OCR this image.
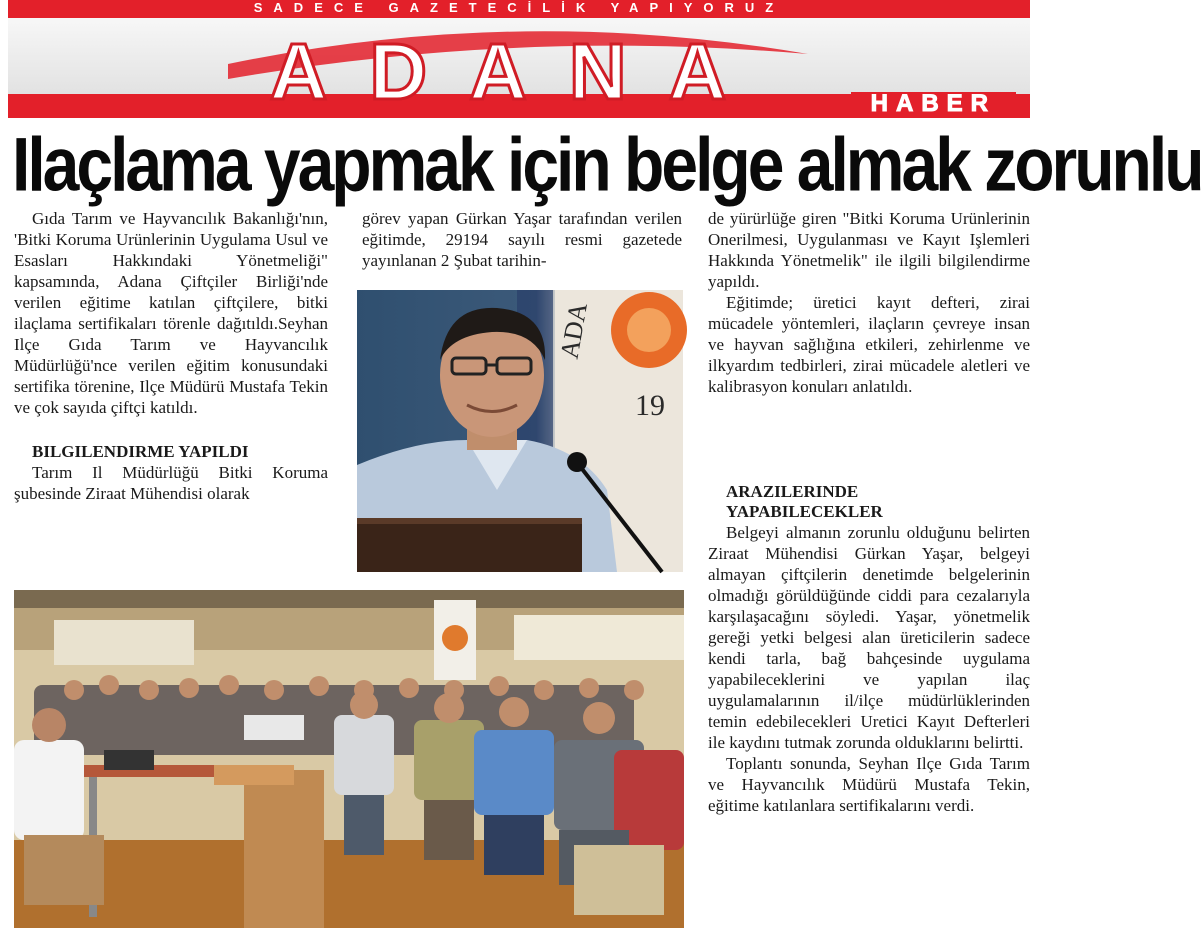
SADECE GAZETECİLİK YAPIYORUZ
ADANA	HABER
Ilaçlama yapmak için belge almak zorunlu

Gıda Tarım ve Hayvancılık Bakanlığı'nın, 'Bitki Koruma Urünlerinin Uygulama Usul ve Esasları Hakkındaki Yönetmeliği" kapsamında, Adana Çiftçiler Birliği'nde verilen eğitime katılan çiftçilere, bitki ilaçlama sertifikaları törenle dağıtıldı.Seyhan Ilçe Gıda Tarım ve Hayvancılık Müdürlüğü'nce verilen eğitim konusundaki sertifika törenine, Ilçe Müdürü Mustafa Tekin ve çok sayıda çiftçi katıldı.

BILGILENDIRME YAPILDI

Tarım Il Müdürlüğü Bitki Koruma şubesinde Ziraat Mühendisi olarak

görev yapan Gürkan Yaşar tarafından verilen eğitimde, 29194 sayılı resmi gazetede yayınlanan 2 Şubat tarihin-

ADA
19

de yürürlüğe giren "Bitki Koruma Urünlerinin Onerilmesi, Uygulanması ve Kayıt Işlemleri Hakkında Yönetmelik" ile ilgili bilgilendirme yapıldı.

Eğitimde; üretici kayıt defteri, zirai mücadele yöntemleri, ilaçların çevreye insan ve hayvan sağlığına etkileri, zehirlenme ve ilkyardım tedbirleri, zirai mücadele aletleri ve kalibrasyon konuları anlatıldı.

ARAZILERINDE

YAPABILECEKLER

Belgeyi almanın zorunlu olduğunu belirten Ziraat Mühendisi Gürkan Yaşar, belgeyi almayan çiftçilerin denetimde belgelerinin olmadığı görüldüğünde ciddi para cezalarıyla karşılaşacağını söyledi. Yaşar, yönetmelik gereği yetki belgesi alan üreticilerin sadece kendi tarla, bağ bahçesinde uygulama yapabileceklerini ve yapılan ilaç uygulamalarının il/ilçe müdürlüklerinden temin edebilecekleri Uretici Kayıt Defterleri ile kaydını tutmak zorunda olduklarını belirtti.

Toplantı sonunda, Seyhan Ilçe Gıda Tarım ve Hayvancılık Müdürü Mustafa Tekin, eğitime katılanlara sertifikalarını verdi.
